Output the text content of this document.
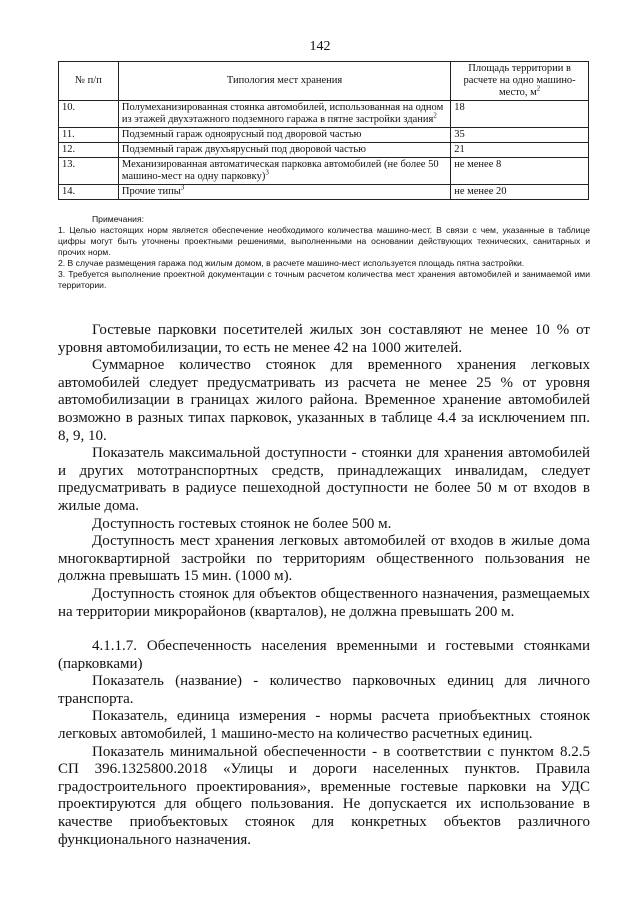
142
№ п/п	Типология мест хранения	Площадь территории в расчете на одно машино-место, $м^2$
10.	Полумеханизированная стоянка автомобилей, использованная на одном из этажей двухэтажного подземного гаража в пятне застройки здания$^2$	18
11.	Подземный гараж одноярусный под дворовой частью	35
12.	Подземный гараж двухъярусный под дворовой частью	21
13.	Механизированная автоматическая парковка автомобилей (не более 50 машино-мест на одну парковку)$^3$	не менее 8
14.	Прочие типы$^3$	не менее 20
Примечания:

1. Целью настоящих норм является обеспечение необходимого количества машино-мест. В связи с чем, указанные в таблице цифры могут быть уточнены проектными решениями, выполненными на основании действующих технических, санитарных и прочих норм.

2. В случае размещения гаража под жилым домом, в расчете машино-мест используется площадь пятна застройки.

3. Требуется выполнение проектной документации с точным расчетом количества мест хранения автомобилей и занимаемой ими территории.

Гостевые парковки посетителей жилых зон составляют не менее 10 % от уровня автомобилизации, то есть не менее 42 на 1000 жителей.

Суммарное количество стоянок для временного хранения легковых автомобилей следует предусматривать из расчета не менее 25 % от уровня автомобилизации в границах жилого района. Временное хранение автомобилей возможно в разных типах парковок, указанных в таблице 4.4 за исключением пп. 8, 9, 10.

Показатель максимальной доступности - стоянки для хранения автомобилей и других мототранспортных средств, принадлежащих инвалидам, следует предусматривать в радиусе пешеходной доступности не более 50 м от входов в жилые дома.

Доступность гостевых стоянок не более 500 м.

Доступность мест хранения легковых автомобилей от входов в жилые дома многоквартирной застройки по территориям общественного пользования не должна превышать 15 мин. (1000 м).

Доступность стоянок для объектов общественного назначения, размещаемых на территории микрорайонов (кварталов), не должна превышать 200 м.

4.1.1.7. Обеспеченность населения временными и гостевыми стоянками (парковками)

Показатель (название) - количество парковочных единиц для личного транспорта.

Показатель, единица измерения - нормы расчета приобъектных стоянок легковых автомобилей, 1 машино-место на количество расчетных единиц.

Показатель минимальной обеспеченности - в соответствии с пунктом 8.2.5 СП 396.1325800.2018 «Улицы и дороги населенных пунктов. Правила градостроительного проектирования», временные гостевые парковки на УДС проектируются для общего пользования. Не допускается их использование в качестве приобъектовых стоянок для конкретных объектов различного функционального назначения.
